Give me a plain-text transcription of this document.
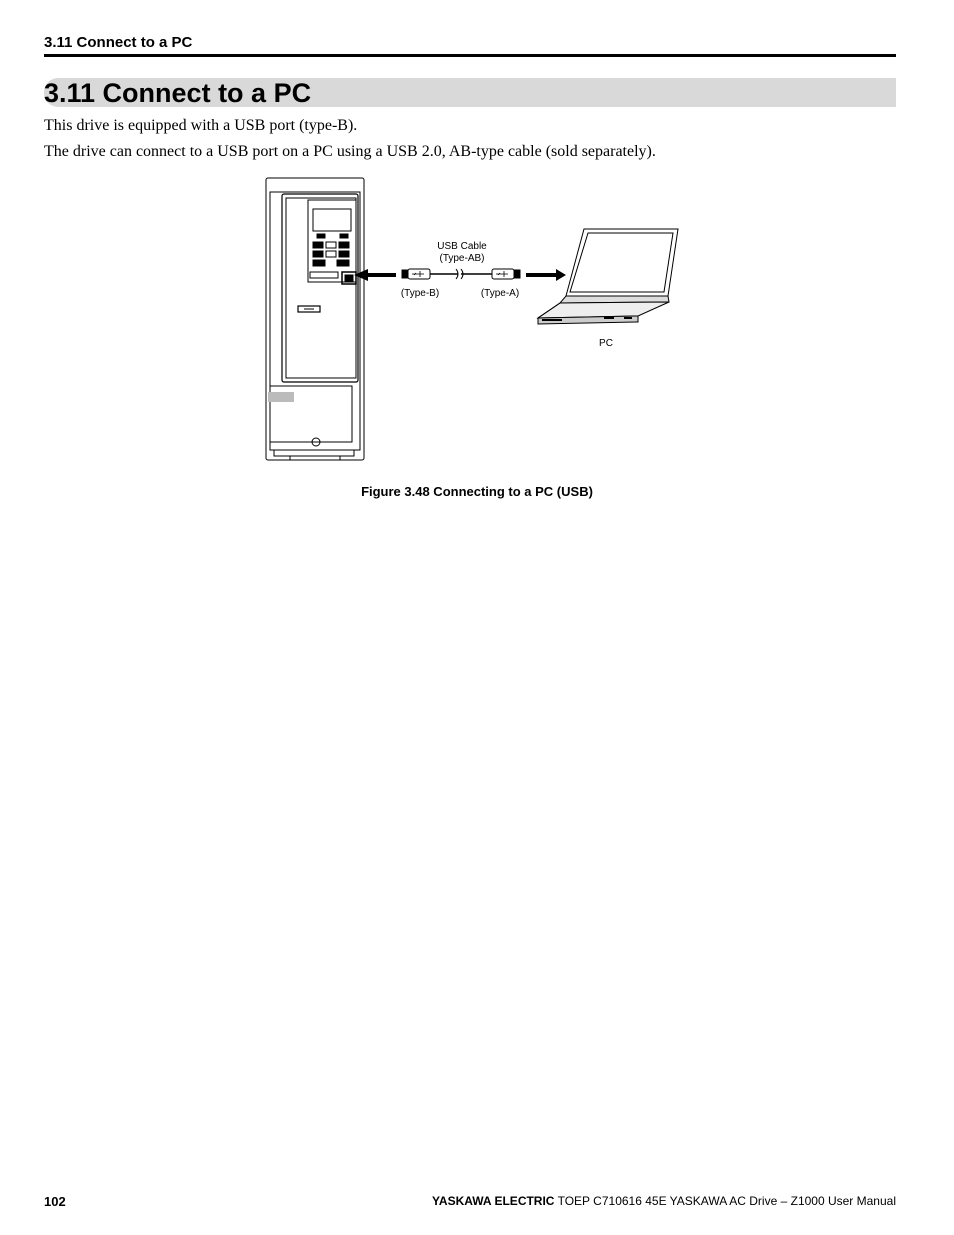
3.11 Connect to a PC
3.11 Connect to a PC
This drive is equipped with a USB port (type-B).
The drive can connect to a USB port on a PC using a USB 2.0, AB-type cable (sold separately).
USB Cable
(Type-AB)
(Type-B)	(Type-A)
PC
Figure 3.48 Connecting to a PC (USB)
102	YASKAWA ELECTRIC TOEP C710616 45E YASKAWA AC Drive – Z1000 User Manual
